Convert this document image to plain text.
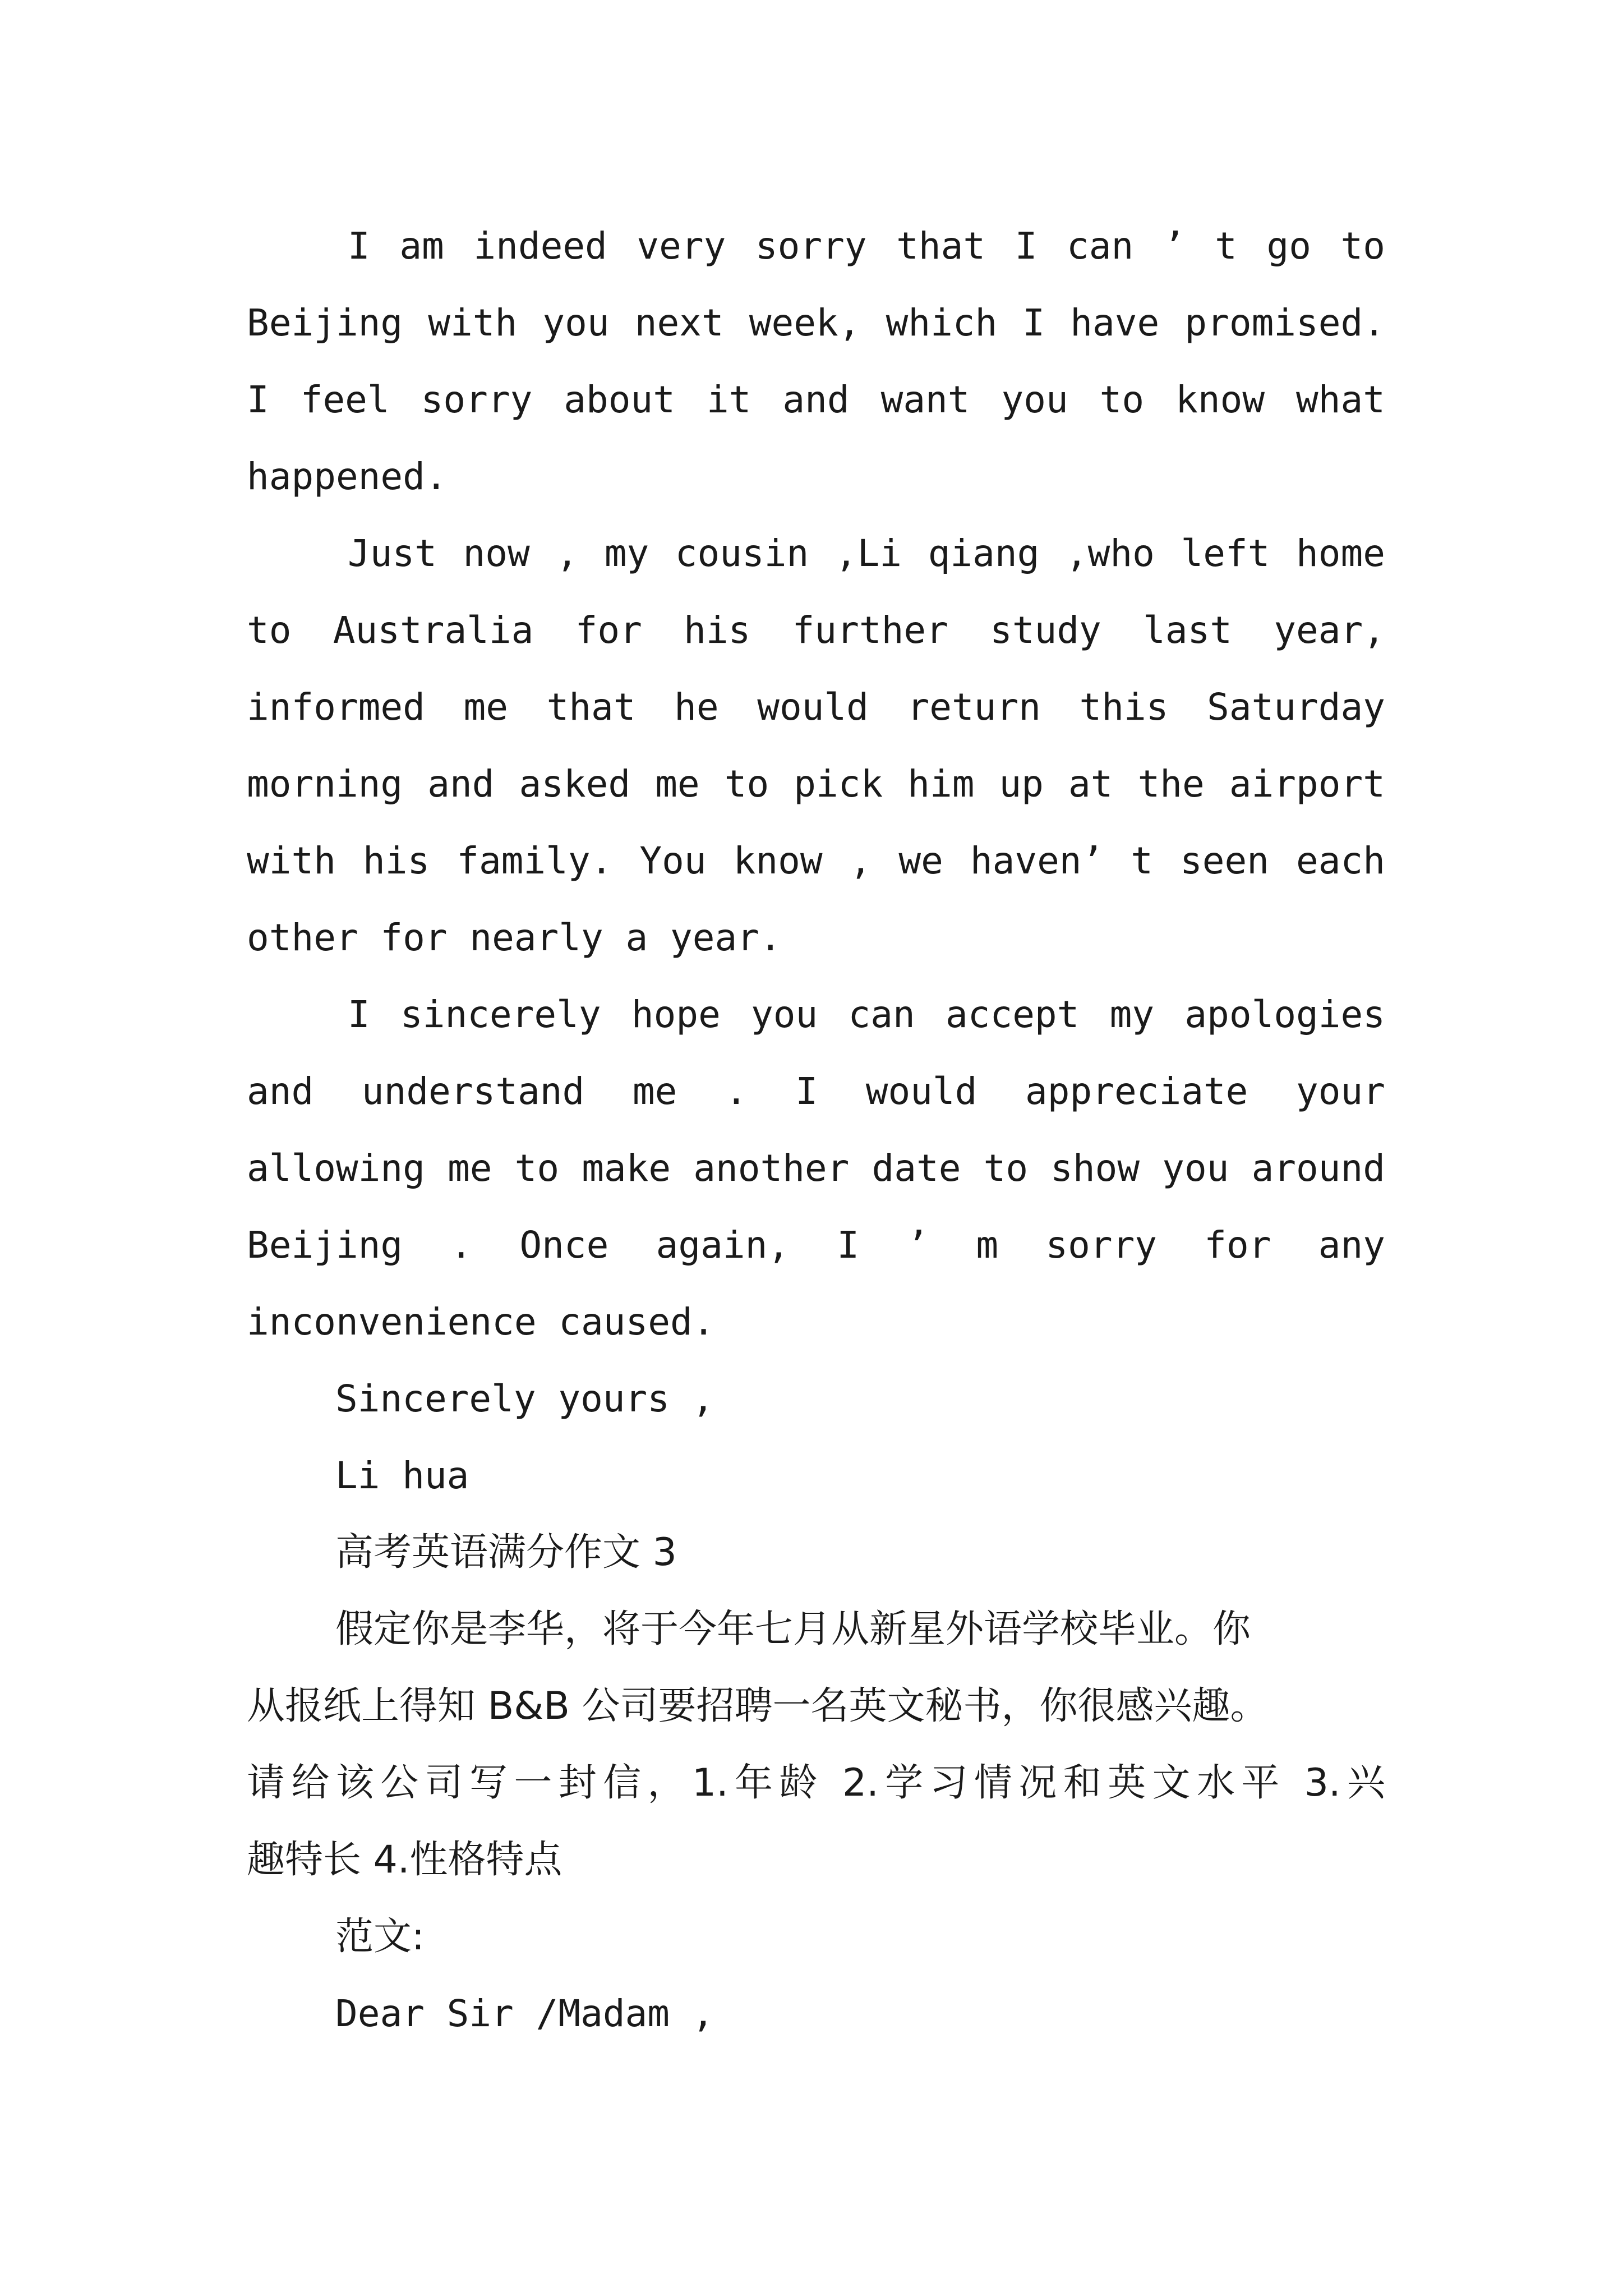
I am indeed very sorry that I can ’ t go to
Beijing with you next week, which I have promised.
I feel sorry about it and want you to know what
happened.
Just now , my cousin ,Li qiang ,who left home
to Australia for his further study last year,
informed me that he would return this Saturday
morning and asked me to pick him up at the airport
with his family. You know , we haven’ t seen each
other for nearly a year.
I sincerely hope you can accept my apologies
and understand me . I would appreciate your
allowing me to make another date to show you around
Beijing . Once again, I ’ m sorry for any
inconvenience caused.
Sincerely yours ,
Li hua
高考英语满分作文 3
假定你是李华，将于今年七月从新星外语学校毕业。你
从报纸上得知 B&B 公司要招聘一名英文秘书，你很感兴趣。
请给该公司写一封信，1.年龄 2.学习情况和英文水平 3.兴
趣特长 4.性格特点
范文:
Dear Sir /Madam ,
